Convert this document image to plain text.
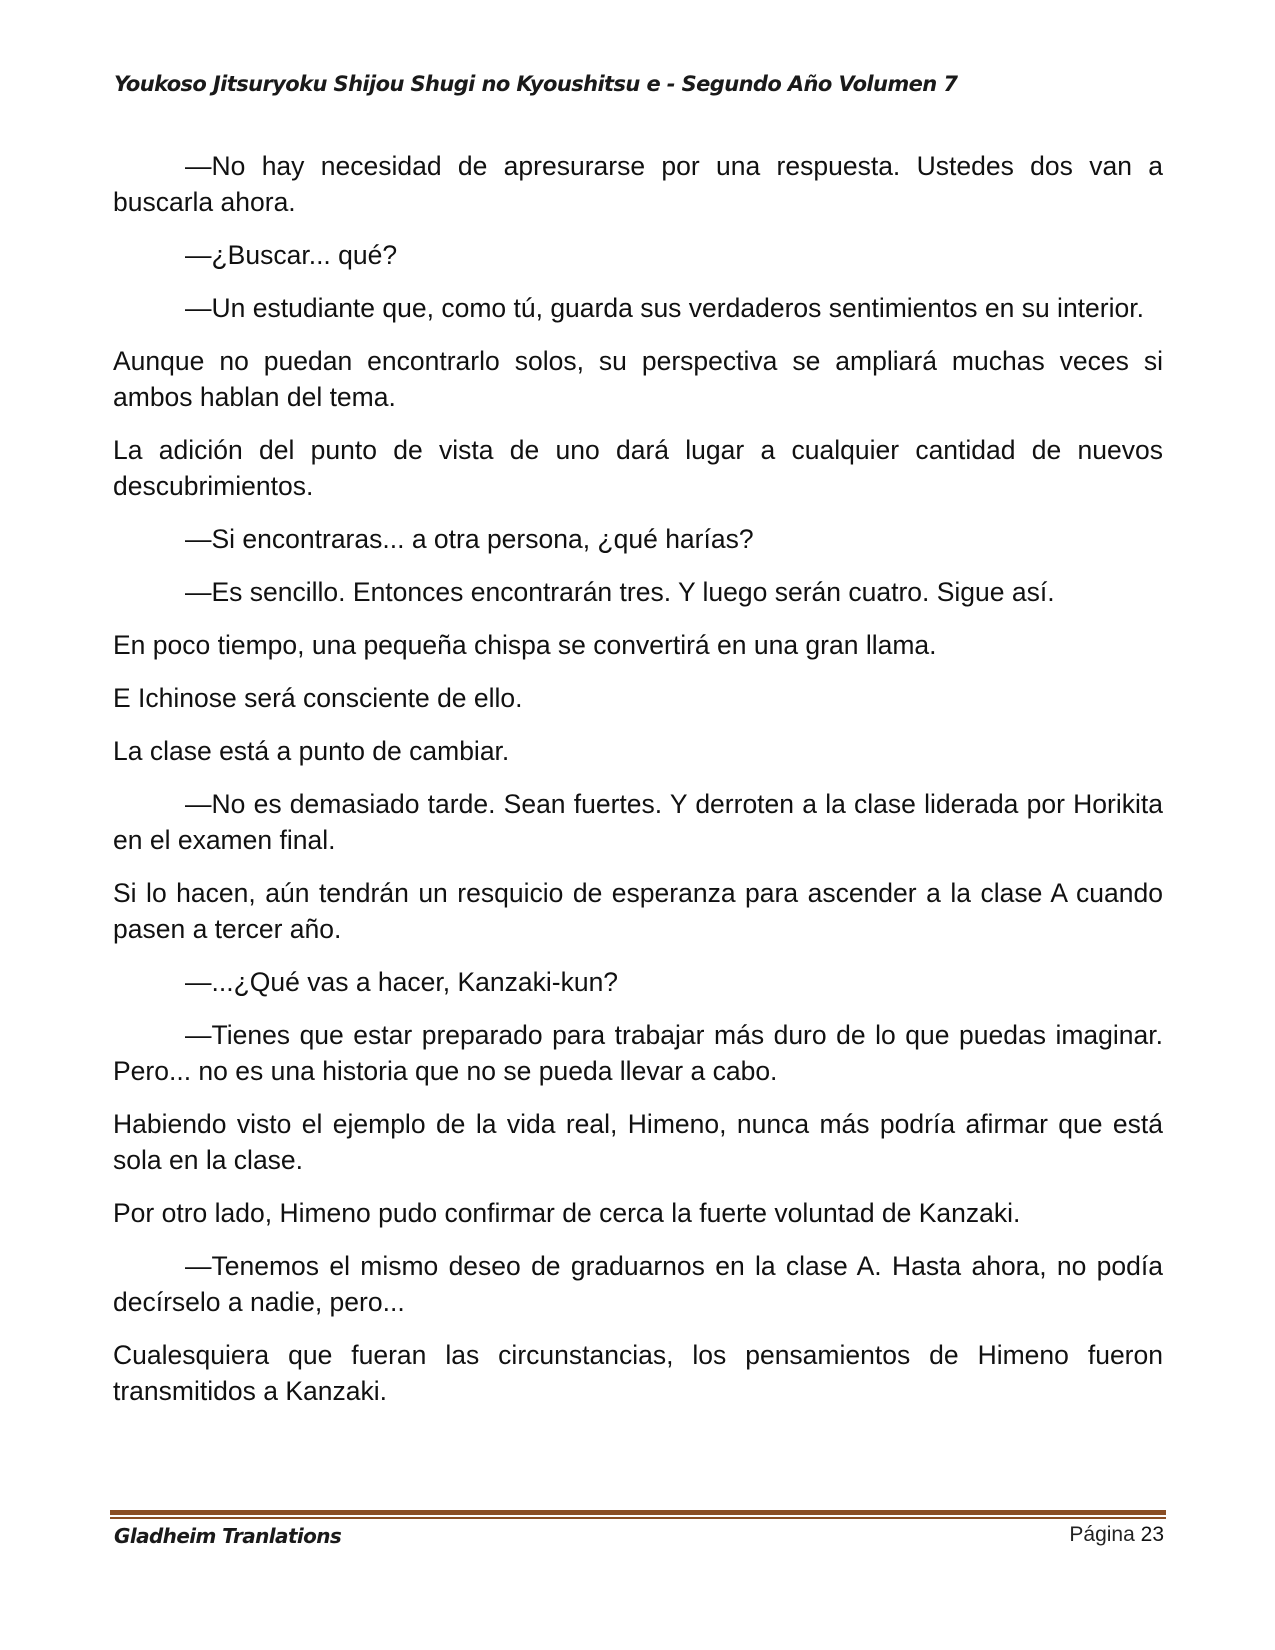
Youkoso Jitsuryoku Shijou Shugi no Kyoushitsu e - Segundo Año Volumen 7

—No hay necesidad de apresurarse por una respuesta. Ustedes dos van a buscarla ahora.

—¿Buscar... qué?

—Un estudiante que, como tú, guarda sus verdaderos sentimientos en su interior.

Aunque no puedan encontrarlo solos, su perspectiva se ampliará muchas veces si ambos hablan del tema.

La adición del punto de vista de uno dará lugar a cualquier cantidad de nuevos descubrimientos.

—Si encontraras... a otra persona, ¿qué harías?

—Es sencillo. Entonces encontrarán tres. Y luego serán cuatro. Sigue así.

En poco tiempo, una pequeña chispa se convertirá en una gran llama.

E Ichinose será consciente de ello.

La clase está a punto de cambiar.

—No es demasiado tarde. Sean fuertes. Y derroten a la clase liderada por Horikita en el examen final.

Si lo hacen, aún tendrán un resquicio de esperanza para ascender a la clase A cuando pasen a tercer año.

—...¿Qué vas a hacer, Kanzaki-kun?

—Tienes que estar preparado para trabajar más duro de lo que puedas imaginar. Pero... no es una historia que no se pueda llevar a cabo.

Habiendo visto el ejemplo de la vida real, Himeno, nunca más podría afirmar que está sola en la clase.

Por otro lado, Himeno pudo confirmar de cerca la fuerte voluntad de Kanzaki.

—Tenemos el mismo deseo de graduarnos en la clase A. Hasta ahora, no podía decírselo a nadie, pero...

Cualesquiera que fueran las circunstancias, los pensamientos de Himeno fueron transmitidos a Kanzaki.

Gladheim Tranlations	Página 23
